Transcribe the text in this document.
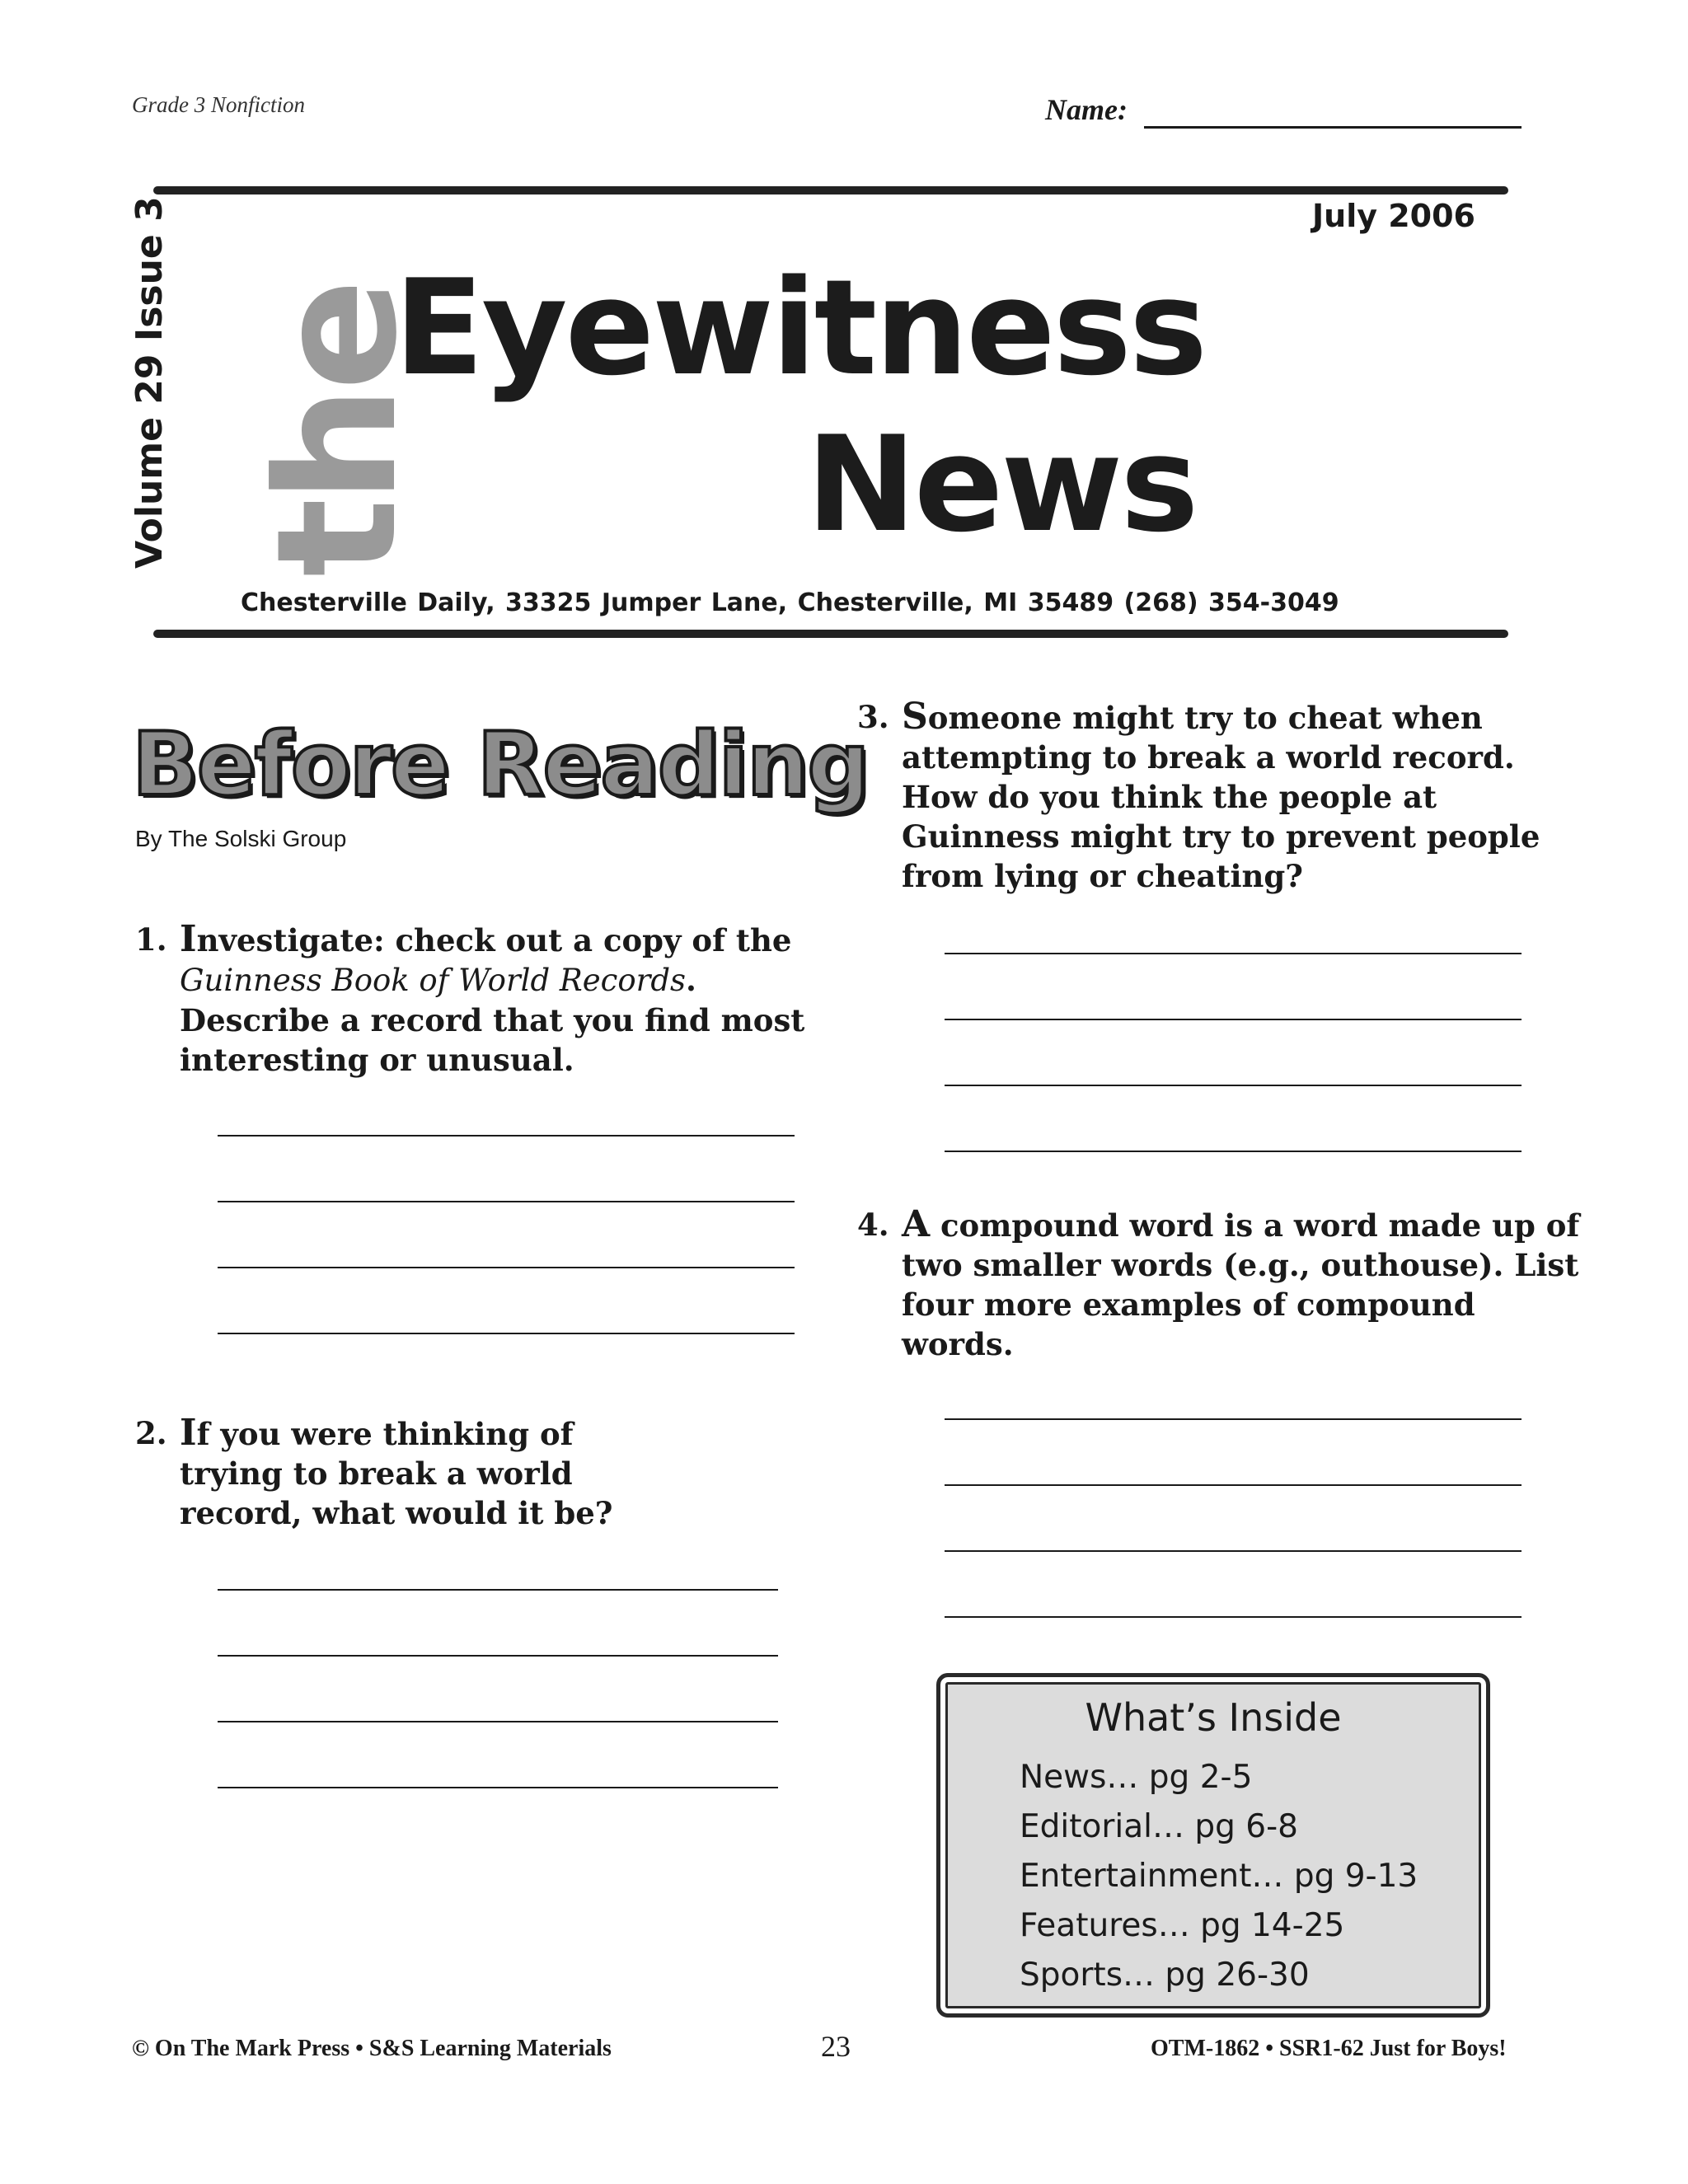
Grade 3 Nonfiction	Name:
July 2006
Volume 29 Issue 3 the
Eyewitness
News
Chesterville Daily, 33325 Jumper Lane, Chesterville, MI 35489 (268) 354-3049
Before Reading
By The Solski Group
1. Investigate: check out a copy of the Guinness Book of World Records. Describe a record that you find most interesting or unusual.
2. If you were thinking of trying to break a world record, what would it be?
3. Someone might try to cheat when attempting to break a world record. How do you think the people at Guinness might try to prevent people from lying or cheating?
4. A compound word is a word made up of two smaller words (e.g., outhouse). List four more examples of compound words.
What’s Inside
News… pg 2-5
Editorial… pg 6-8
Entertainment… pg 9-13
Features… pg 14-25
Sports… pg 26-30
© On The Mark Press • S&S Learning Materials	23	OTM-1862 • SSR1-62 Just for Boys!
